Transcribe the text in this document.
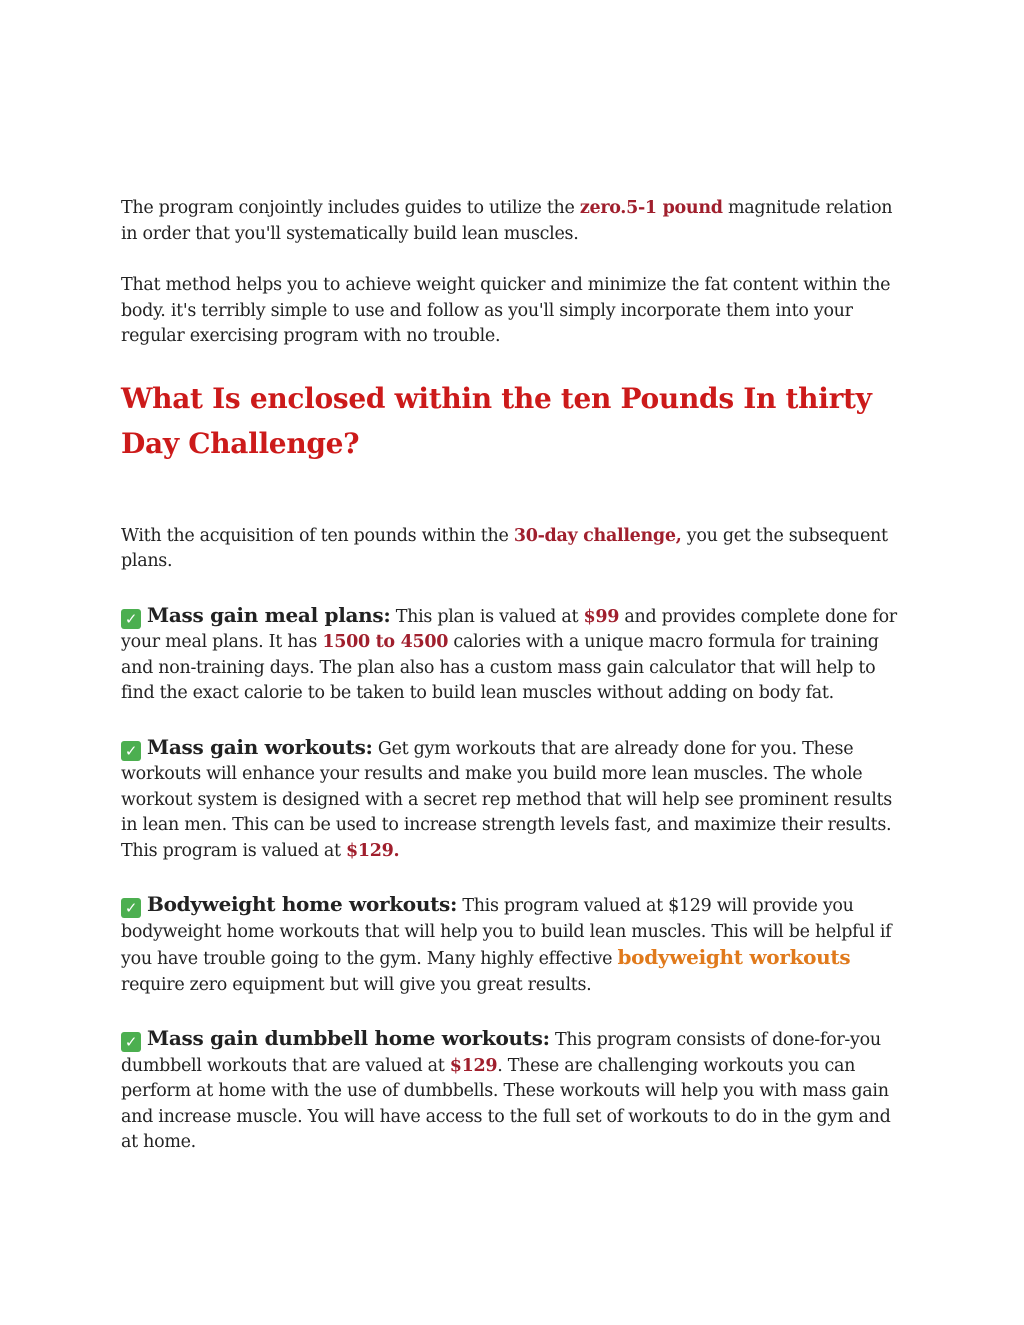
The program conjointly includes guides to utilize the zero.5-1 pound magnitude relation in order that you'll systematically build lean muscles.

That method helps you to achieve weight quicker and minimize the fat content within the body. it's terribly simple to use and follow as you'll simply incorporate them into your regular exercising program with no trouble.

What Is enclosed within the ten Pounds In thirty Day Challenge?

With the acquisition of ten pounds within the 30-day challenge, you get the subsequent plans.

✓ Mass gain meal plans: This plan is valued at $99 and provides complete done for your meal plans. It has 1500 to 4500 calories with a unique macro formula for training and non-training days. The plan also has a custom mass gain calculator that will help to find the exact calorie to be taken to build lean muscles without adding on body fat.

✓ Mass gain workouts: Get gym workouts that are already done for you. These workouts will enhance your results and make you build more lean muscles. The whole workout system is designed with a secret rep method that will help see prominent results in lean men. This can be used to increase strength levels fast, and maximize their results. This program is valued at $129.

✓ Bodyweight home workouts: This program valued at $129 will provide you bodyweight home workouts that will help you to build lean muscles. This will be helpful if you have trouble going to the gym. Many highly effective bodyweight workouts require zero equipment but will give you great results.

✓ Mass gain dumbbell home workouts: This program consists of done-for-you dumbbell workouts that are valued at $129. These are challenging workouts you can perform at home with the use of dumbbells. These workouts will help you with mass gain and increase muscle. You will have access to the full set of workouts to do in the gym and at home.
